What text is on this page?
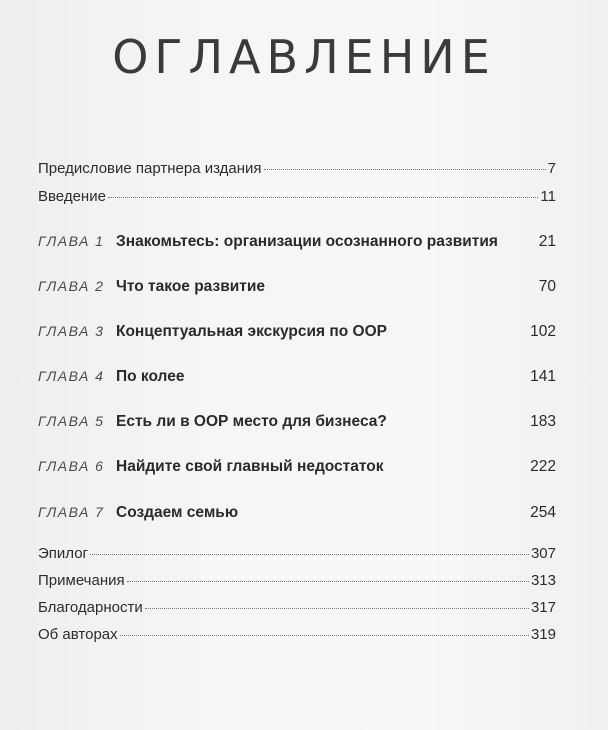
ОГЛАВЛЕНИЕ
Предисловие партнера издания	7
Введение	11
ГЛАВА 1 Знакомьтесь: организации осознанного развития	21
ГЛАВА 2 Что такое развитие	70
ГЛАВА 3 Концептуальная экскурсия по ООР	102
ГЛАВА 4 По колее	141
ГЛАВА 5 Есть ли в ООР место для бизнеса?	183
ГЛАВА 6 Найдите свой главный недостаток	222
ГЛАВА 7 Создаем семью	254
Эпилог	307
Примечания	313
Благодарности	317
Об авторах	319
